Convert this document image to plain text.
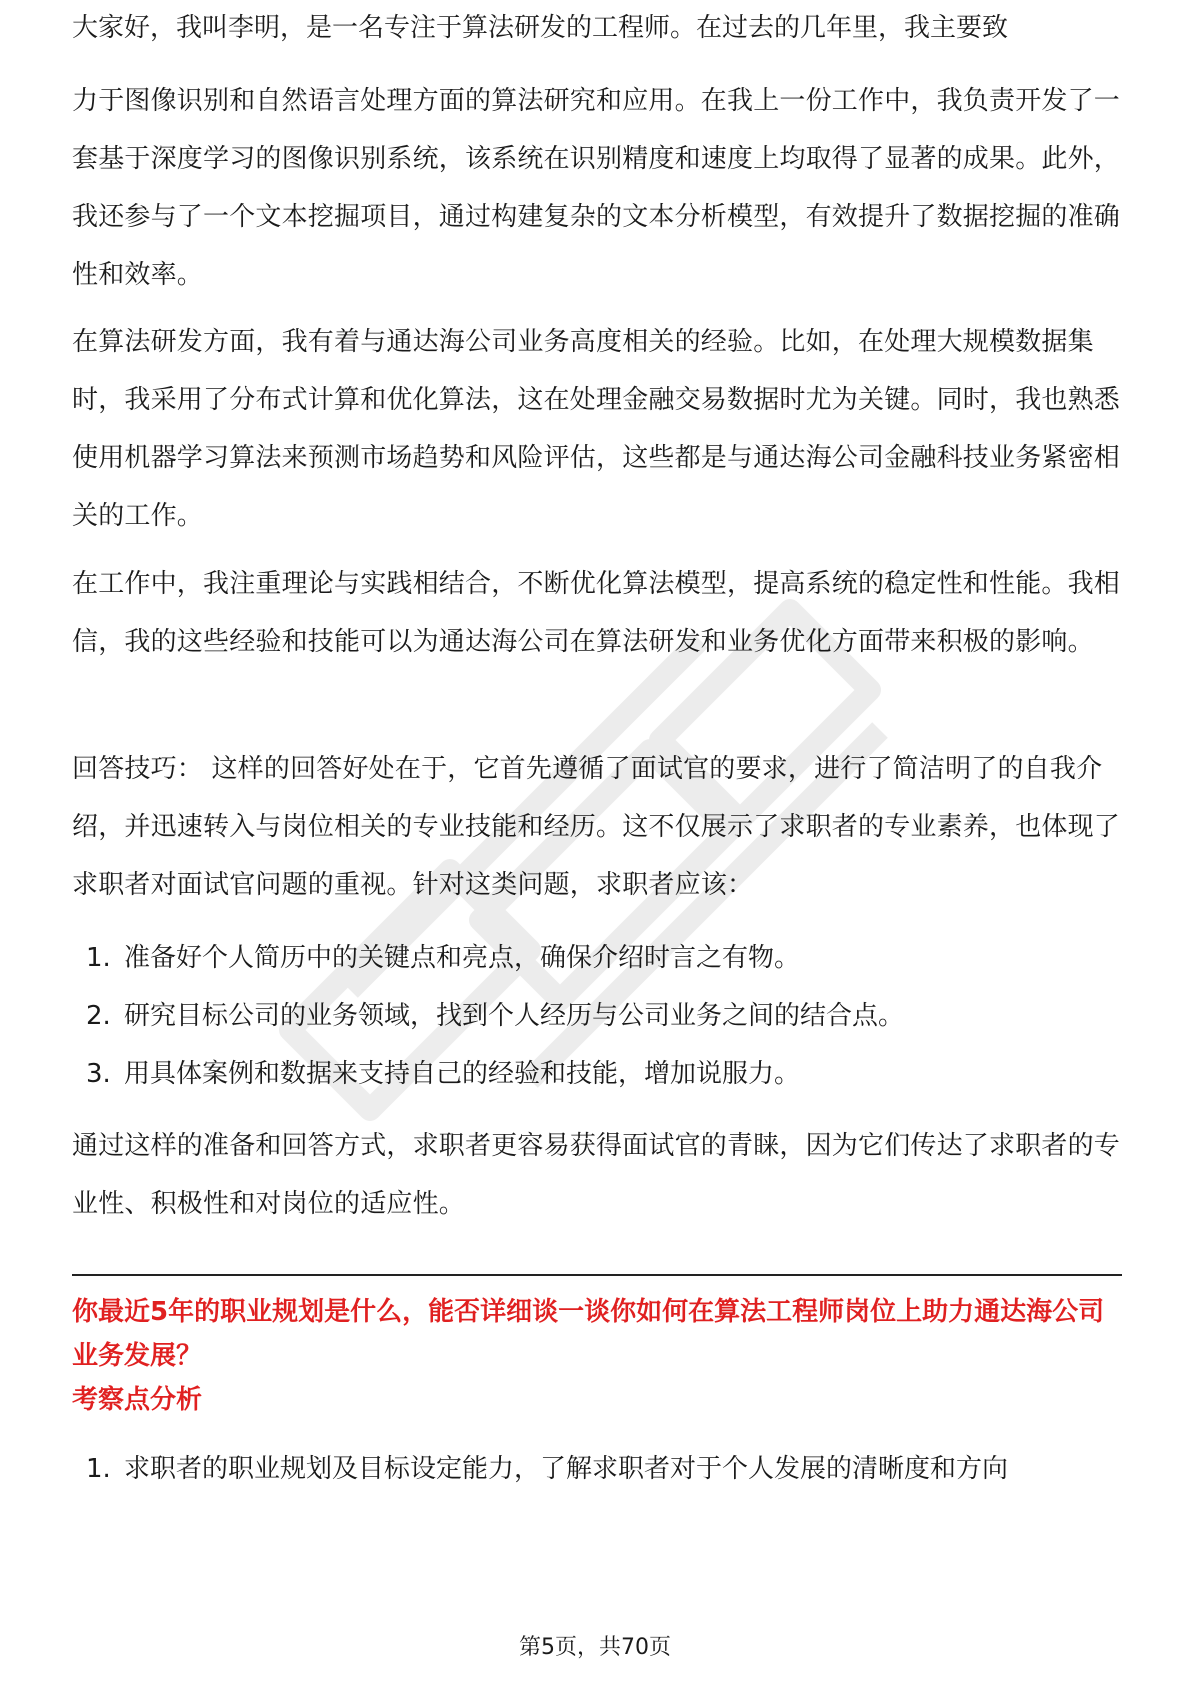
大家好，我叫李明，是一名专注于算法研发的工程师。在过去的几年里，我主要致

力于图像识别和自然语言处理方面的算法研究和应用。在我上一份工作中，我负责开发了一套基于深度学习的图像识别系统，该系统在识别精度和速度上均取得了显著的成果。此外，我还参与了一个文本挖掘项目，通过构建复杂的文本分析模型，有效提升了数据挖掘的准确性和效率。

在算法研发方面，我有着与通达海公司业务高度相关的经验。比如，在处理大规模数据集时，我采用了分布式计算和优化算法，这在处理金融交易数据时尤为关键。同时，我也熟悉使用机器学习算法来预测市场趋势和风险评估，这些都是与通达海公司金融科技业务紧密相关的工作。

在工作中，我注重理论与实践相结合，不断优化算法模型，提高系统的稳定性和性能。我相信，我的这些经验和技能可以为通达海公司在算法研发和业务优化方面带来积极的影响。

回答技巧： 这样的回答好处在于，它首先遵循了面试官的要求，进行了简洁明了的自我介绍，并迅速转入与岗位相关的专业技能和经历。这不仅展示了求职者的专业素养，也体现了求职者对面试官问题的重视。针对这类问题，求职者应该：

1. 准备好个人简历中的关键点和亮点，确保介绍时言之有物。
2. 研究目标公司的业务领域，找到个人经历与公司业务之间的结合点。
3. 用具体案例和数据来支持自己的经验和技能，增加说服力。

通过这样的准备和回答方式，求职者更容易获得面试官的青睐，因为它们传达了求职者的专业性、积极性和对岗位的适应性。

你最近5年的职业规划是什么，能否详细谈一谈你如何在算法工程师岗位上助力通达海公司业务发展？

考察点分析

1. 求职者的职业规划及目标设定能力，了解求职者对于个人发展的清晰度和方向
第5页，共70页
